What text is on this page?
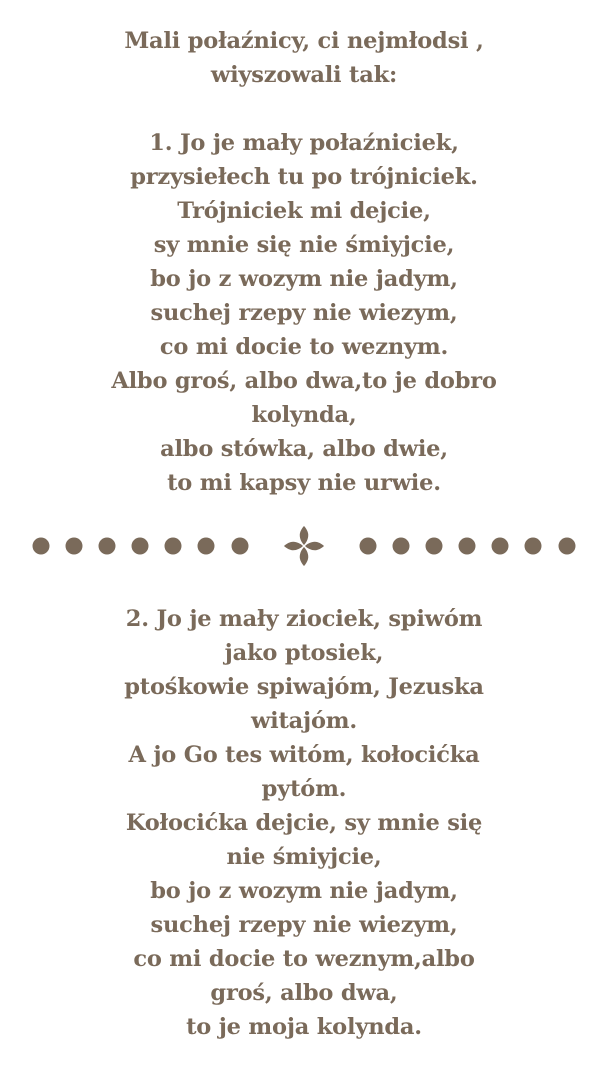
Mali połaźnicy, ci nejmłodsi ,
wiyszowali tak:
1. Jo je mały połaźniciek,
przysiełech tu po trójniciek.
Trójniciek mi dejcie,
sy mnie się nie śmiyjcie,
bo jo z wozym nie jadym,
suchej rzepy nie wiezym,
co mi docie to weznym.
Albo groś, albo dwa,to je dobro
kolynda,
albo stówka, albo dwie,
to mi kapsy nie urwie.
2. Jo je mały ziociek, spiwóm
jako ptosiek,
ptośkowie spiwajóm, Jezuska
witajóm.
A jo Go tes witóm, kołocićka
pytóm.
Kołocićka dejcie, sy mnie się
nie śmiyjcie,
bo jo z wozym nie jadym,
suchej rzepy nie wiezym,
co mi docie to weznym,albo
groś, albo dwa,
to je moja kolynda.
